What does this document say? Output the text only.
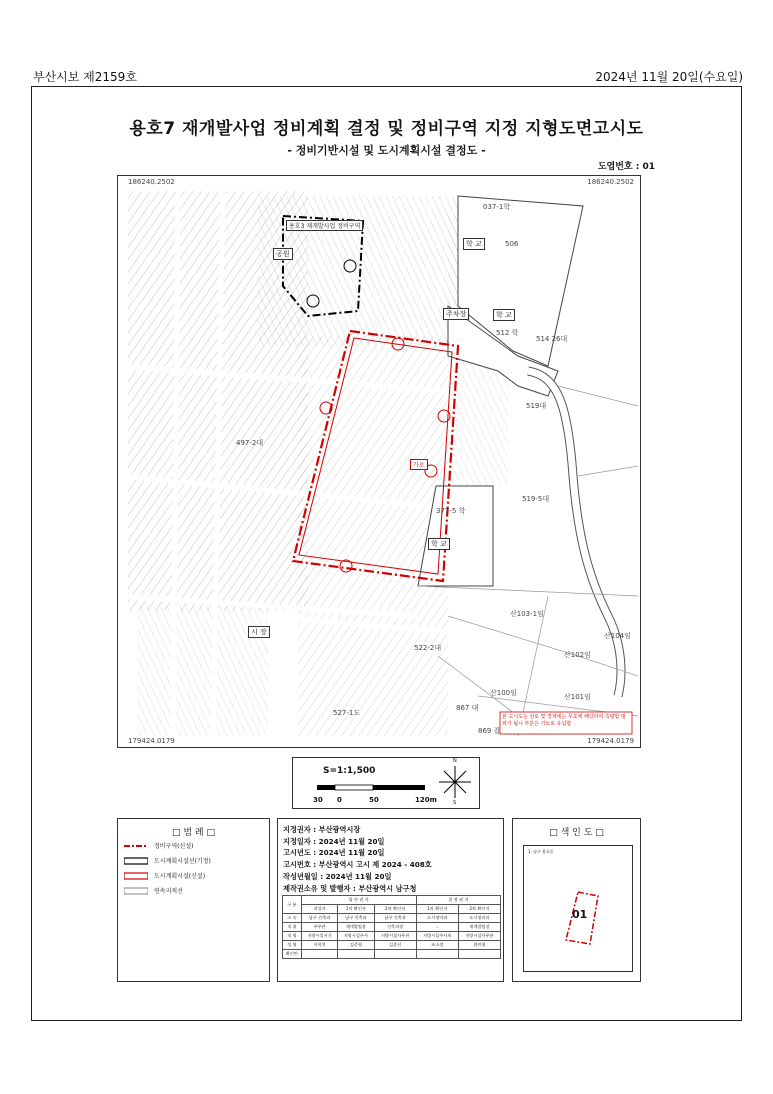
부산시보 제2159호	2024년 11월 20일(수요일)
용호7 재개발사업 정비계획 결정 및 정비구역 지정 지형도면고시도
- 정비기반시설 및 도시계획시설 결정도 -
도엽번호 : 01
186240.2502	186240.2502
179424.0179	179424.0179
용호3 재개발사업 정비구역
학 교
학 교
학 교
시 장
공원
주차장
가로
506
512 학
514 26대
519대
519-5대
377-5 학
산103-1임
산102임
산104임
522-2대
산100임	산101임
867 대
869 잡
497-2대
527-1도
037-1학
본 고시도는 선로 및 경계에는 무효에 해당하여 측량함 범위가 됩니 부분은 기토로 유념함
S=1:1,500
N
S
30 0	50	120m
□ 범 례 □
정비구역(신설)
도시계획시설선(기정)
도시계획시설(신설)
연속지적선
지정권자 : 부산광역시장
지정일자 : 2024년 11월 20일
고시년도 : 2024년 11월 20일
고시번호 : 부산광역시 고시 제 2024 - 408호
작성년월일 : 2024년 11월 20일
제작권소유 및 발행자 : 부산광역시 남구청
구 분	입 안 권 자			결 정 권 자	
	작성자	1차 확인자	2차 확인자	1차 확인자	2차 확인자
소 속	남구 건축과	남구 건축과	남구 건축과	도시정비과	도시정비과
직 위	주무관	재개발팀장	건축과장	-	재개발팀장
직 명	지방시설서기	지방시설주사	지방시설사무관	지방시설주사보	지방시설사무관
성 명	이희연	김준형	김종선	조소정	위민영
확인란					
□ 색 인 도 □
1. 남구 용호동
01
